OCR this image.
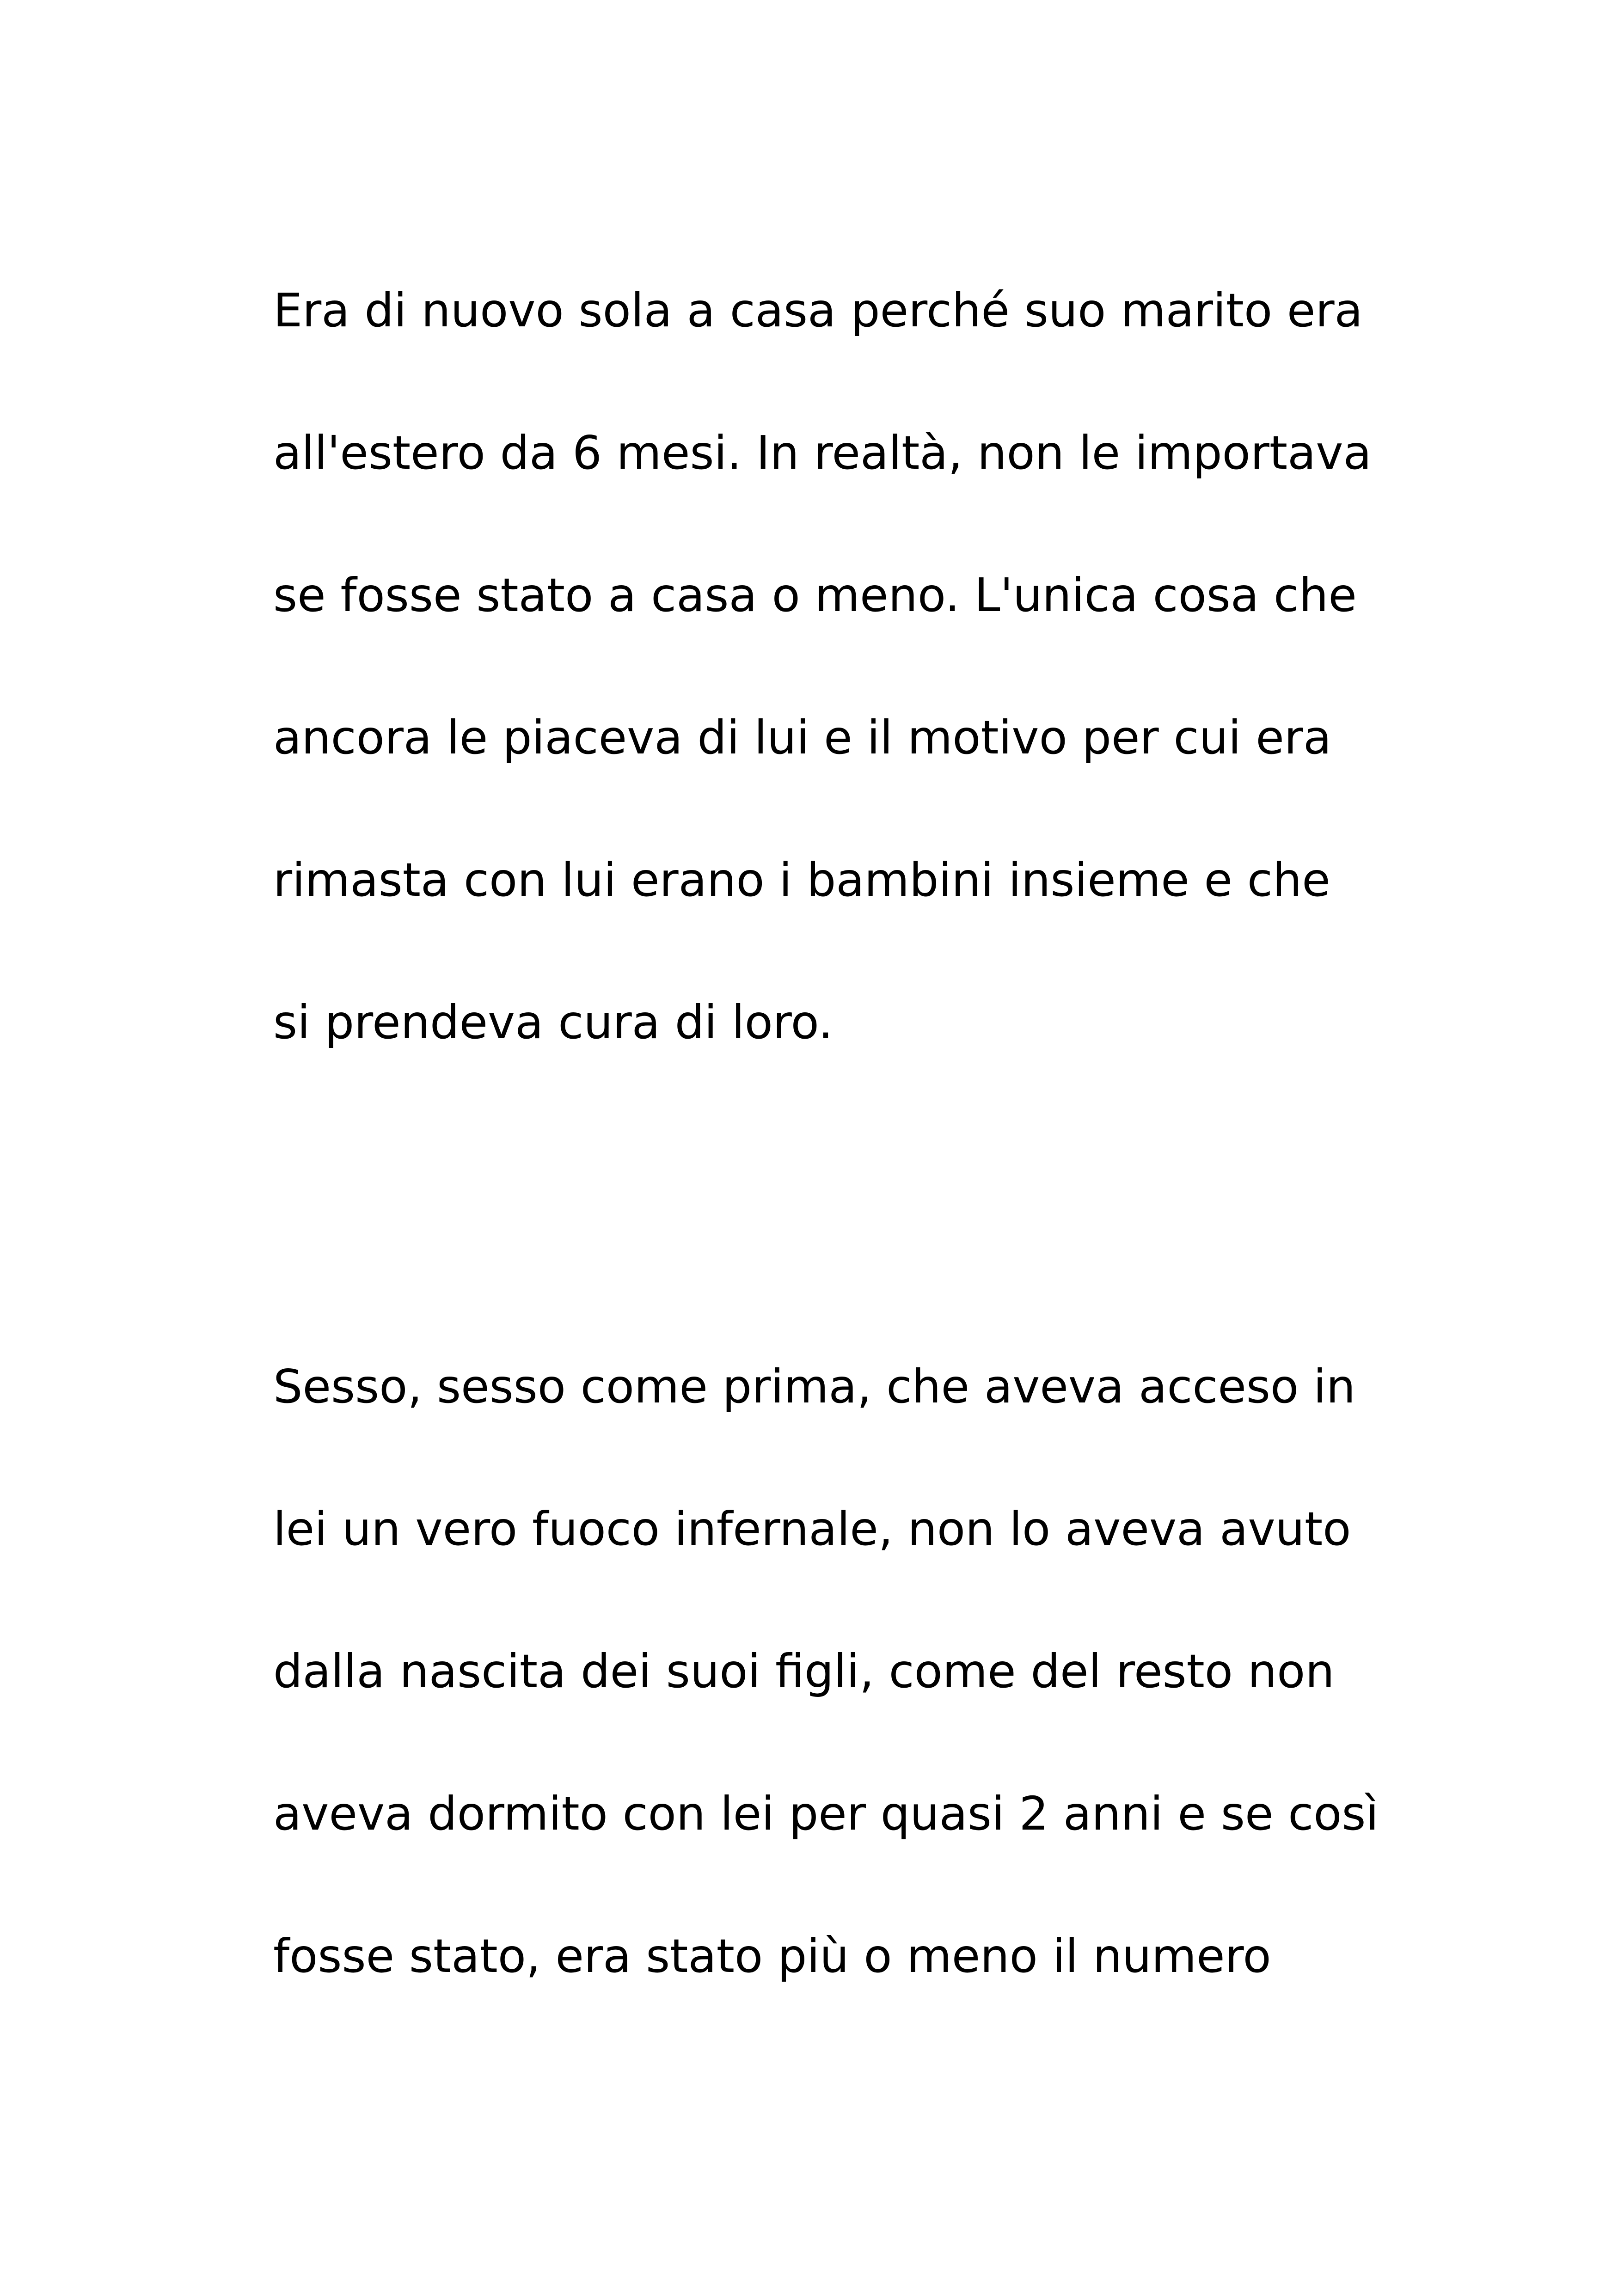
Era di nuovo sola a casa perché suo marito era
all'estero da 6 mesi. In realtà, non le importava
se fosse stato a casa o meno. L'unica cosa che
ancora le piaceva di lui e il motivo per cui era
rimasta con lui erano i bambini insieme e che
si prendeva cura di loro.
Sesso, sesso come prima, che aveva acceso in
lei un vero fuoco infernale, non lo aveva avuto
dalla nascita dei suoi figli, come del resto non
aveva dormito con lei per quasi 2 anni e se così
fosse stato, era stato più o meno il numero
